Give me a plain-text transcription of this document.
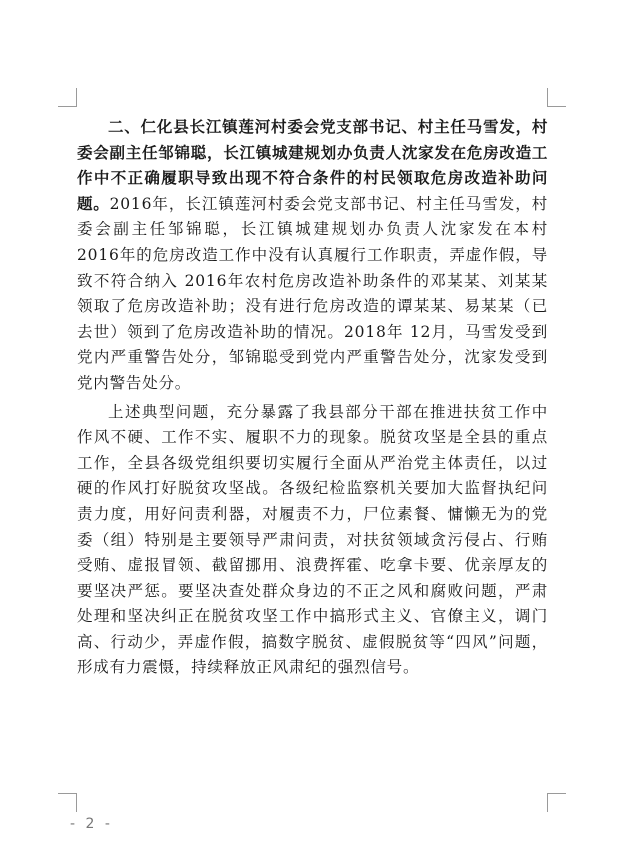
二、仁化县长江镇莲河村委会党支部书记、村主任马雪发，村委会副主任邹锦聪，长江镇城建规划办负责人沈家发在危房改造工作中不正确履职导致出现不符合条件的村民领取危房改造补助问题。2016年，长江镇莲河村委会党支部书记、村主任马雪发，村委会副主任邹锦聪，长江镇城建规划办负责人沈家发在本村 2016年的危房改造工作中没有认真履行工作职责，弄虚作假，导致不符合纳入 2016年农村危房改造补助条件的邓某某、刘某某领取了危房改造补助；没有进行危房改造的谭某某、易某某（已去世）领到了危房改造补助的情况。2018年 12月，马雪发受到党内严重警告处分，邹锦聪受到党内严重警告处分，沈家发受到党内警告处分。

上述典型问题，充分暴露了我县部分干部在推进扶贫工作中作风不硬、工作不实、履职不力的现象。脱贫攻坚是全县的重点工作，全县各级党组织要切实履行全面从严治党主体责任，以过硬的作风打好脱贫攻坚战。各级纪检监察机关要加大监督执纪问责力度，用好问责利器，对履责不力，尸位素餐、慵懒无为的党委（组）特别是主要领导严肃问责，对扶贫领域贪污侵占、行贿受贿、虚报冒领、截留挪用、浪费挥霍、吃拿卡要、优亲厚友的要坚决严惩。要坚决查处群众身边的不正之风和腐败问题，严肃处理和坚决纠正在脱贫攻坚工作中搞形式主义、官僚主义，调门高、行动少，弄虚作假，搞数字脱贫、虚假脱贫等“四风”问题，形成有力震慑，持续释放正风肃纪的强烈信号。

- 2 -
